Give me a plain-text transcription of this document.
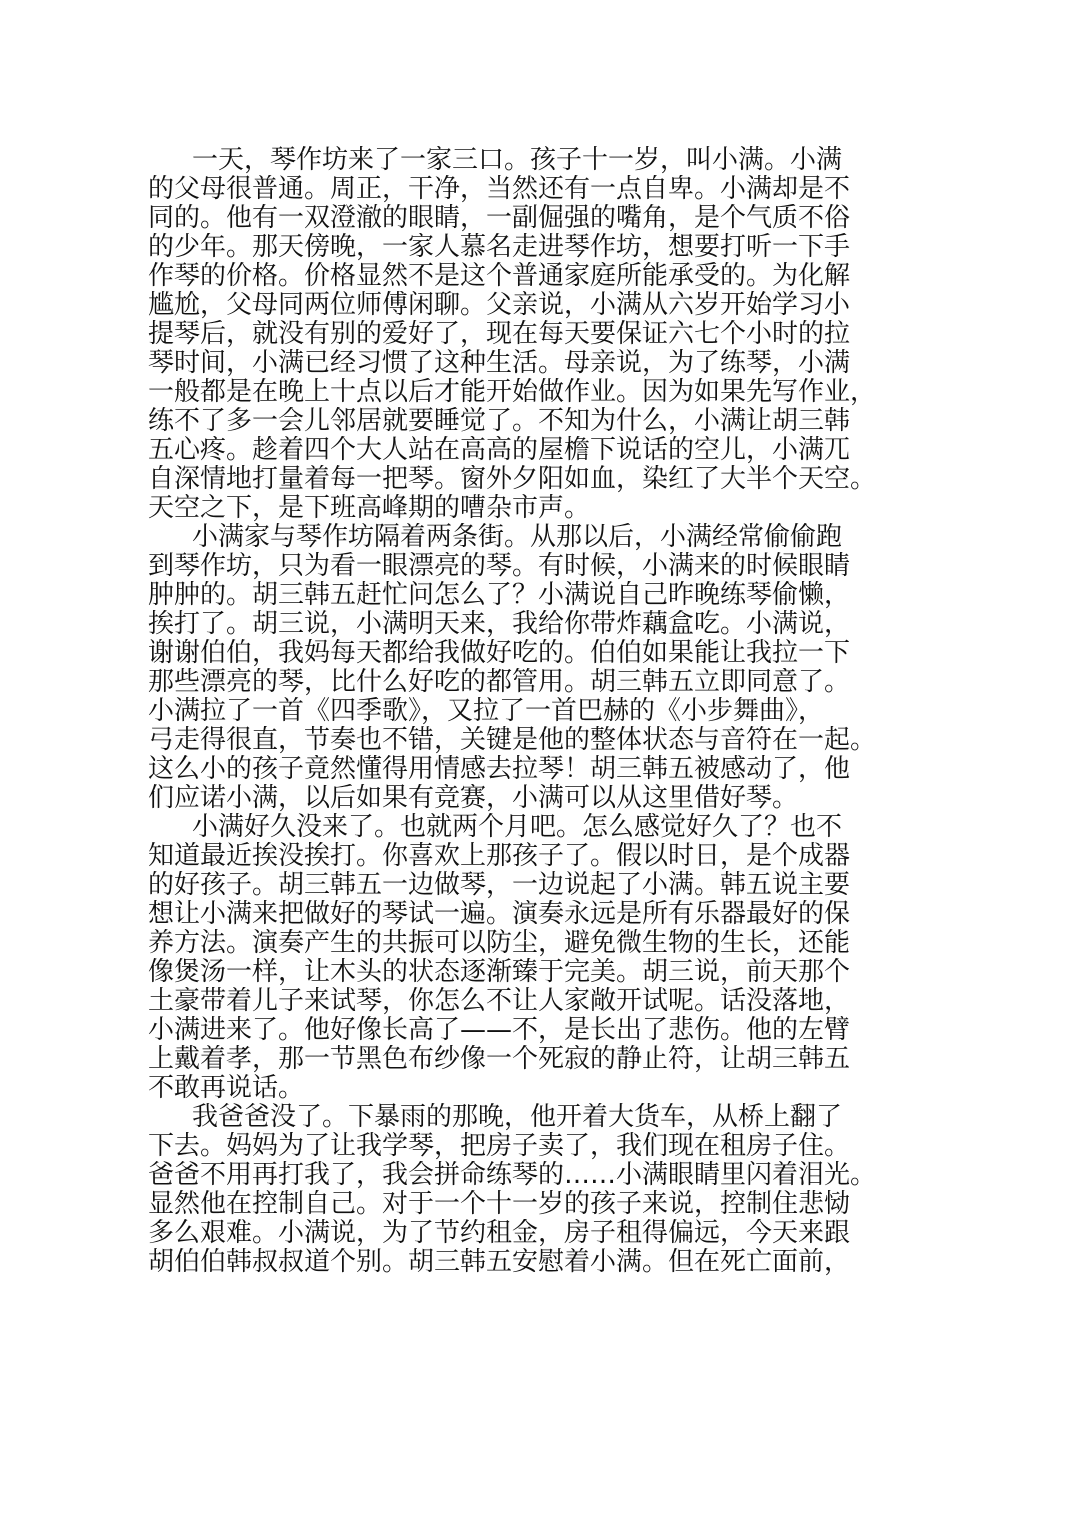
一天，琴作坊来了一家三口。孩子十一岁，叫小满。小满
的父母很普通。周正，干净，当然还有一点自卑。小满却是不
同的。他有一双澄澈的眼睛，一副倔强的嘴角，是个气质不俗
的少年。那天傍晚，一家人慕名走进琴作坊，想要打听一下手
作琴的价格。价格显然不是这个普通家庭所能承受的。为化解
尴尬，父母同两位师傅闲聊。父亲说，小满从六岁开始学习小
提琴后，就没有别的爱好了，现在每天要保证六七个小时的拉
琴时间，小满已经习惯了这种生活。母亲说，为了练琴，小满
一般都是在晚上十点以后才能开始做作业。因为如果先写作业，
练不了多一会儿邻居就要睡觉了。不知为什么，小满让胡三韩
五心疼。趁着四个大人站在高高的屋檐下说话的空儿，小满兀
自深情地打量着每一把琴。窗外夕阳如血，染红了大半个天空。
天空之下，是下班高峰期的嘈杂市声。
小满家与琴作坊隔着两条街。从那以后，小满经常偷偷跑
到琴作坊，只为看一眼漂亮的琴。有时候，小满来的时候眼睛
肿肿的。胡三韩五赶忙问怎么了？小满说自己昨晚练琴偷懒，
挨打了。胡三说，小满明天来，我给你带炸藕盒吃。小满说，
谢谢伯伯，我妈每天都给我做好吃的。伯伯如果能让我拉一下
那些漂亮的琴，比什么好吃的都管用。胡三韩五立即同意了。
小满拉了一首《四季歌》，又拉了一首巴赫的《小步舞曲》，
弓走得很直，节奏也不错，关键是他的整体状态与音符在一起。
这么小的孩子竟然懂得用情感去拉琴！胡三韩五被感动了，他
们应诺小满，以后如果有竞赛，小满可以从这里借好琴。
小满好久没来了。也就两个月吧。怎么感觉好久了？也不
知道最近挨没挨打。你喜欢上那孩子了。假以时日，是个成器
的好孩子。胡三韩五一边做琴，一边说起了小满。韩五说主要
想让小满来把做好的琴试一遍。演奏永远是所有乐器最好的保
养方法。演奏产生的共振可以防尘，避免微生物的生长，还能
像煲汤一样，让木头的状态逐渐臻于完美。胡三说，前天那个
土豪带着儿子来试琴，你怎么不让人家敞开试呢。话没落地，
小满进来了。他好像长高了——不，是长出了悲伤。他的左臂
上戴着孝，那一节黑色布纱像一个死寂的静止符，让胡三韩五
不敢再说话。
我爸爸没了。下暴雨的那晚，他开着大货车，从桥上翻了
下去。妈妈为了让我学琴，把房子卖了，我们现在租房子住。
爸爸不用再打我了，我会拼命练琴的……小满眼睛里闪着泪光。
显然他在控制自己。对于一个十一岁的孩子来说，控制住悲恸
多么艰难。小满说，为了节约租金，房子租得偏远，今天来跟
胡伯伯韩叔叔道个别。胡三韩五安慰着小满。但在死亡面前，
